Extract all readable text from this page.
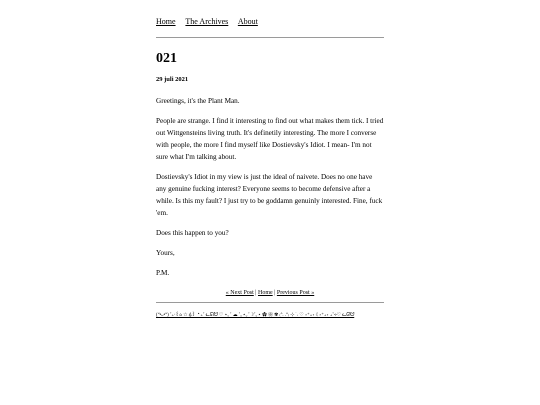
Home The Archives About
021
29 juli 2021

Greetings, it's the Plant Man.

People are strange. I find it interesting to find out what makes them tick. I tried out Wittgensteins living truth. It's definetily interesting. The more I converse with people, the more I find myself like Dostievsky's Idiot. I mean- I'm not sure what I'm talking about.

Dostievsky's Idiot in my view is just the ideal of naivete. Does no one have any genuine fucking interest? Everyone seems to become defensive after a while. Is this my fault? I just try to be goddamn genuinly interested. Fine, fuck 'em.

Does this happen to you?

Yours,

P.M.

« Next Post | Home | Previous Post »
(ᐡ•ᴗ•ᐡ) ˚₊‧꒰ა ☆ ໒꒱ ‧₊˚ ᓚᘏᗢ ♡ ⋆｡˚ ☁︎ ˚｡⋆｡˚☽˚｡⋆ ✿ ❀ ✾ ₍ᐢ. .ᐢ₎ ⊹ ࣪ ˖ ♡ ⋆⁺₊⋆ ☾⋆⁺₊⋆ ₊˚⊹♡ ᓚᘏᗢ
